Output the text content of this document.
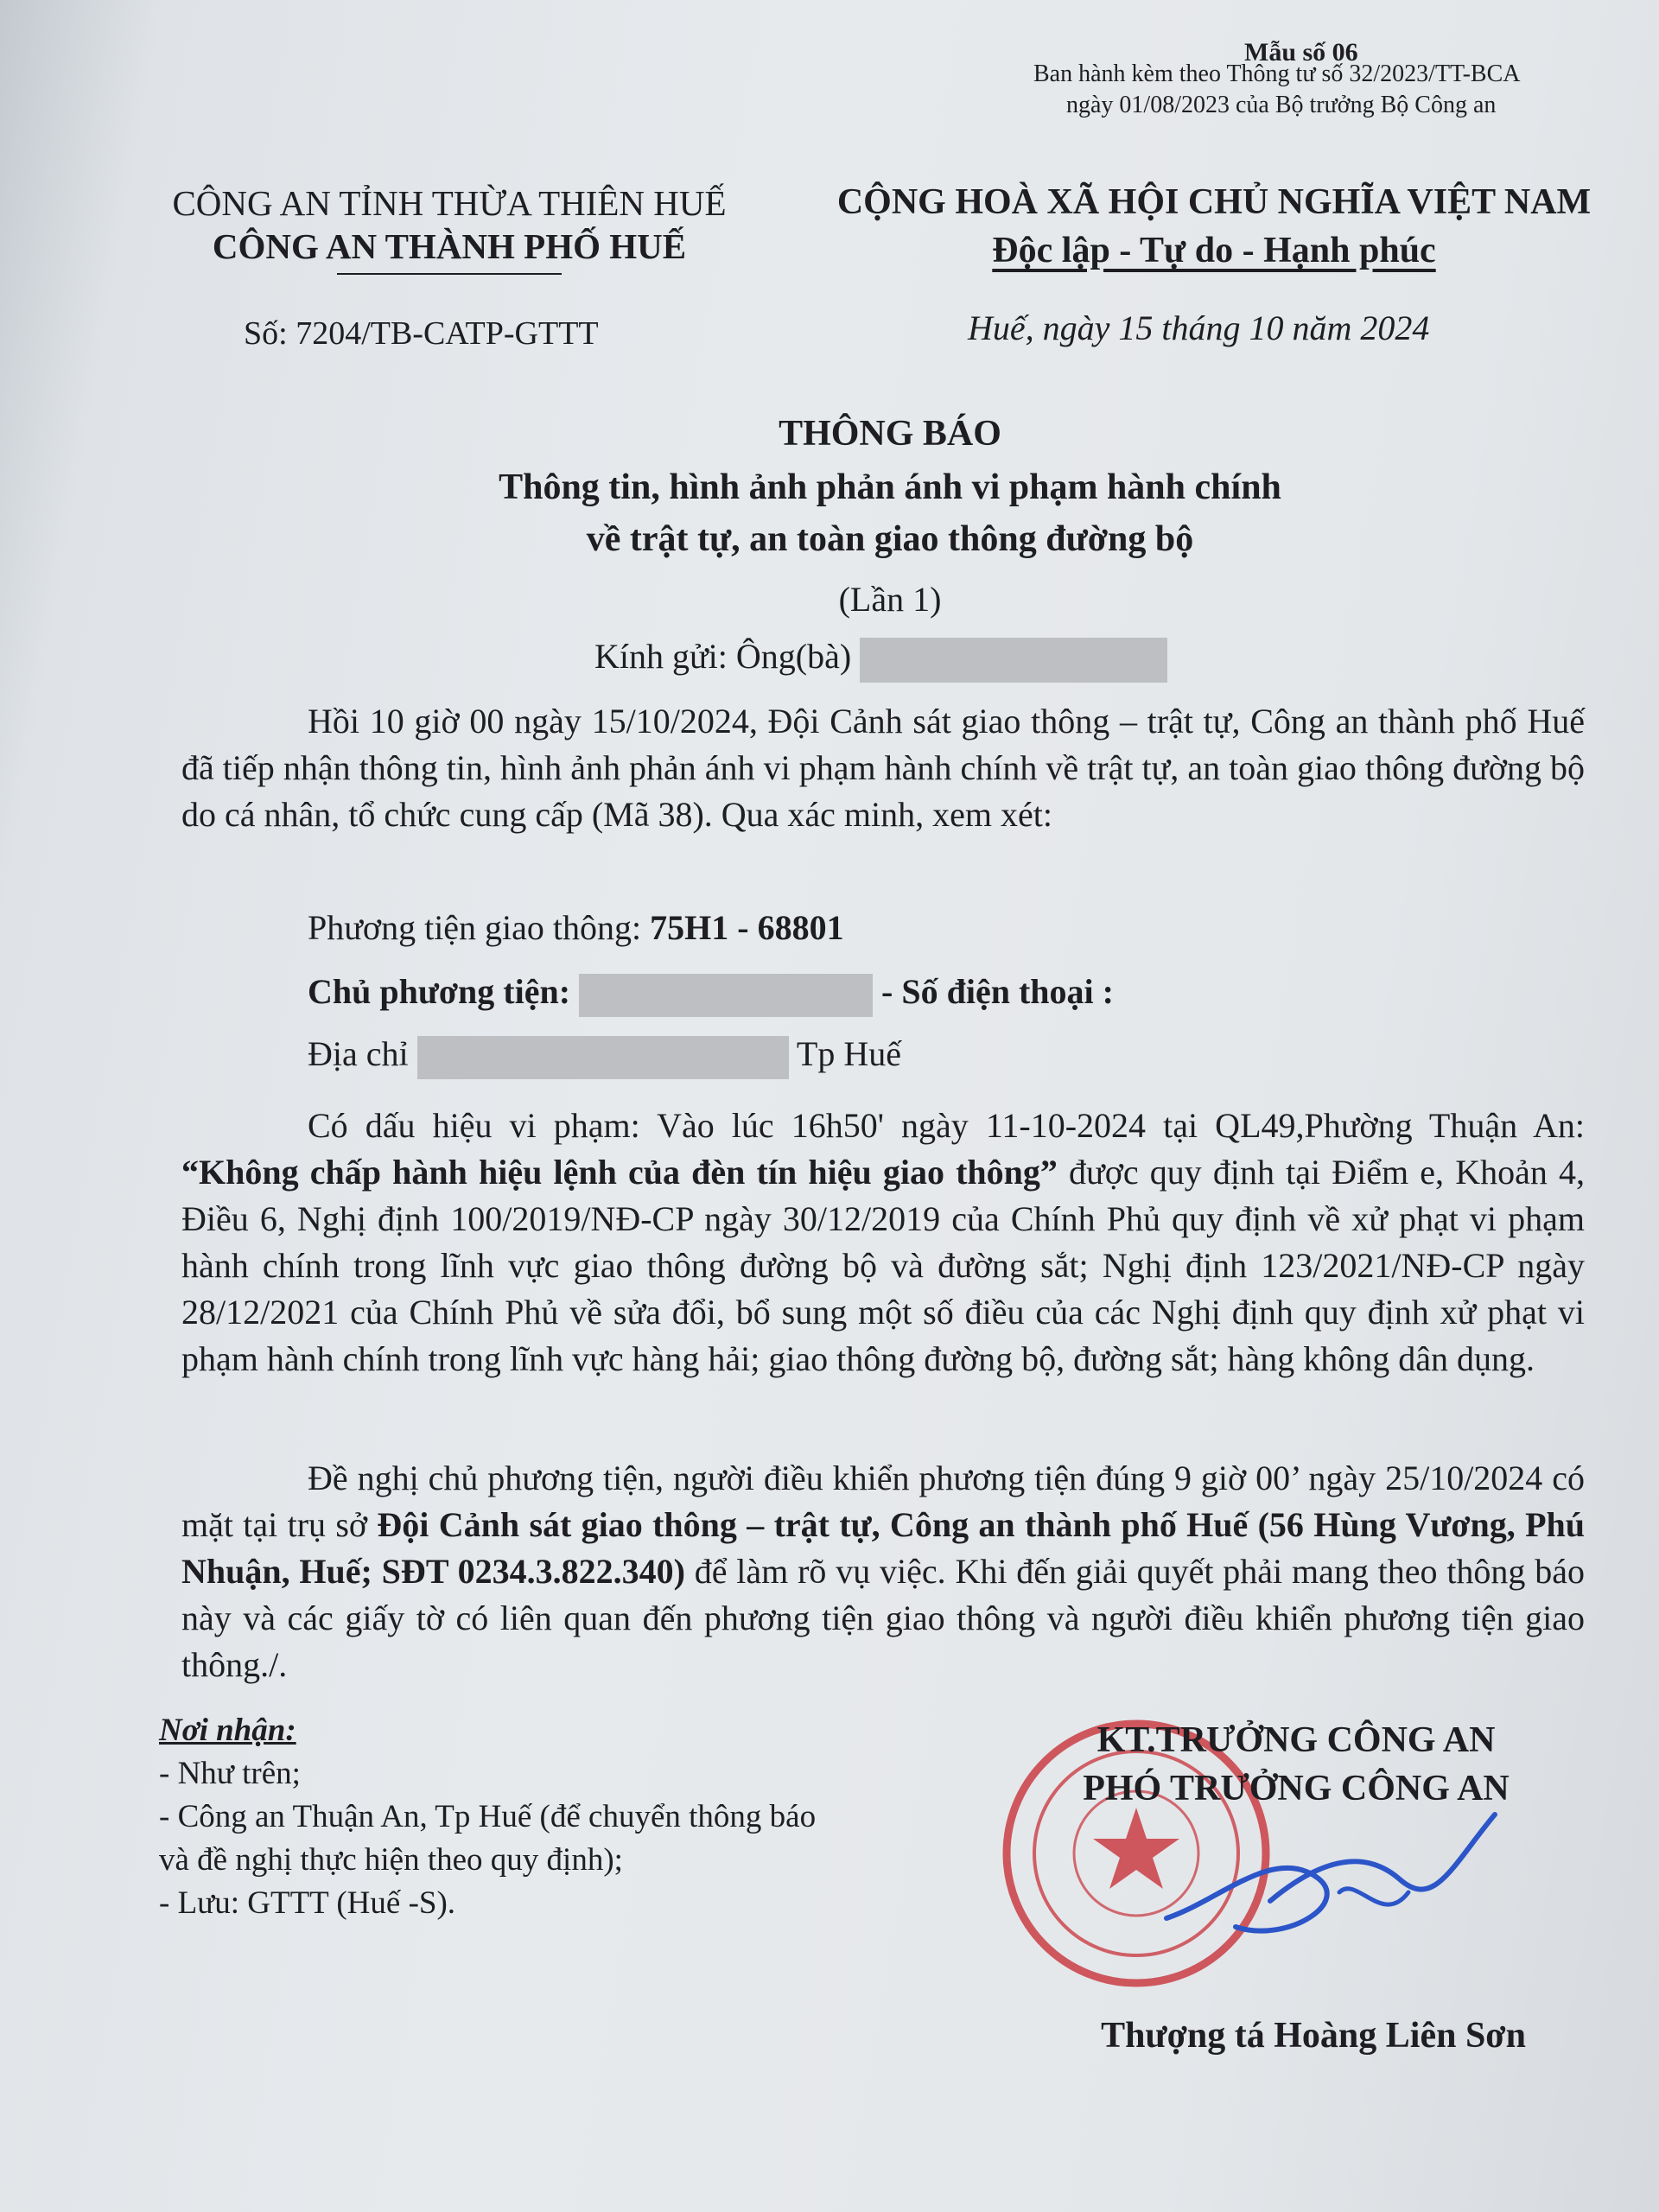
Mẫu số 06
Ban hành kèm theo Thông tư số 32/2023/TT-BCA
ngày 01/08/2023 của Bộ trưởng Bộ Công an
CÔNG AN TỈNH THỪA THIÊN HUẾ
CÔNG AN THÀNH PHỐ HUẾ
CỘNG HOÀ XÃ HỘI CHỦ NGHĨA VIỆT NAM
Độc lập - Tự do - Hạnh phúc
Số: 7204/TB-CATP-GTTT	Huế, ngày 15 tháng 10 năm 2024
THÔNG BÁO
Thông tin, hình ảnh phản ánh vi phạm hành chính
về trật tự, an toàn giao thông đường bộ
(Lần 1)
Kính gửi: Ông(bà)
Hồi 10 giờ 00 ngày 15/10/2024, Đội Cảnh sát giao thông – trật tự, Công an thành phố Huế đã tiếp nhận thông tin, hình ảnh phản ánh vi phạm hành chính về trật tự, an toàn giao thông đường bộ do cá nhân, tổ chức cung cấp (Mã 38). Qua xác minh, xem xét:
Phương tiện giao thông: 75H1 - 68801
Chủ phương tiện:	- Số điện thoại :
Địa chỉ	Tp Huế
Có dấu hiệu vi phạm: Vào lúc 16h50' ngày 11-10-2024 tại QL49,Phường Thuận An: “Không chấp hành hiệu lệnh của đèn tín hiệu giao thông” được quy định tại Điểm e, Khoản 4, Điều 6, Nghị định 100/2019/NĐ-CP ngày 30/12/2019 của Chính Phủ quy định về xử phạt vi phạm hành chính trong lĩnh vực giao thông đường bộ và đường sắt; Nghị định 123/2021/NĐ-CP ngày 28/12/2021 của Chính Phủ về sửa đổi, bổ sung một số điều của các Nghị định quy định xử phạt vi phạm hành chính trong lĩnh vực hàng hải; giao thông đường bộ, đường sắt; hàng không dân dụng.
Đề nghị chủ phương tiện, người điều khiển phương tiện đúng 9 giờ 00’ ngày 25/10/2024 có mặt tại trụ sở Đội Cảnh sát giao thông – trật tự, Công an thành phố Huế (56 Hùng Vương, Phú Nhuận, Huế; SĐT 0234.3.822.340) để làm rõ vụ việc. Khi đến giải quyết phải mang theo thông báo này và các giấy tờ có liên quan đến phương tiện giao thông và người điều khiển phương tiện giao thông./.
Nơi nhận:
- Như trên;
- Công an Thuận An, Tp Huế (để chuyển thông báo
và đề nghị thực hiện theo quy định);
- Lưu: GTTT (Huế -S).
KT.TRƯỞNG CÔNG AN
PHÓ TRƯỞNG CÔNG AN
Thượng tá Hoàng Liên Sơn
